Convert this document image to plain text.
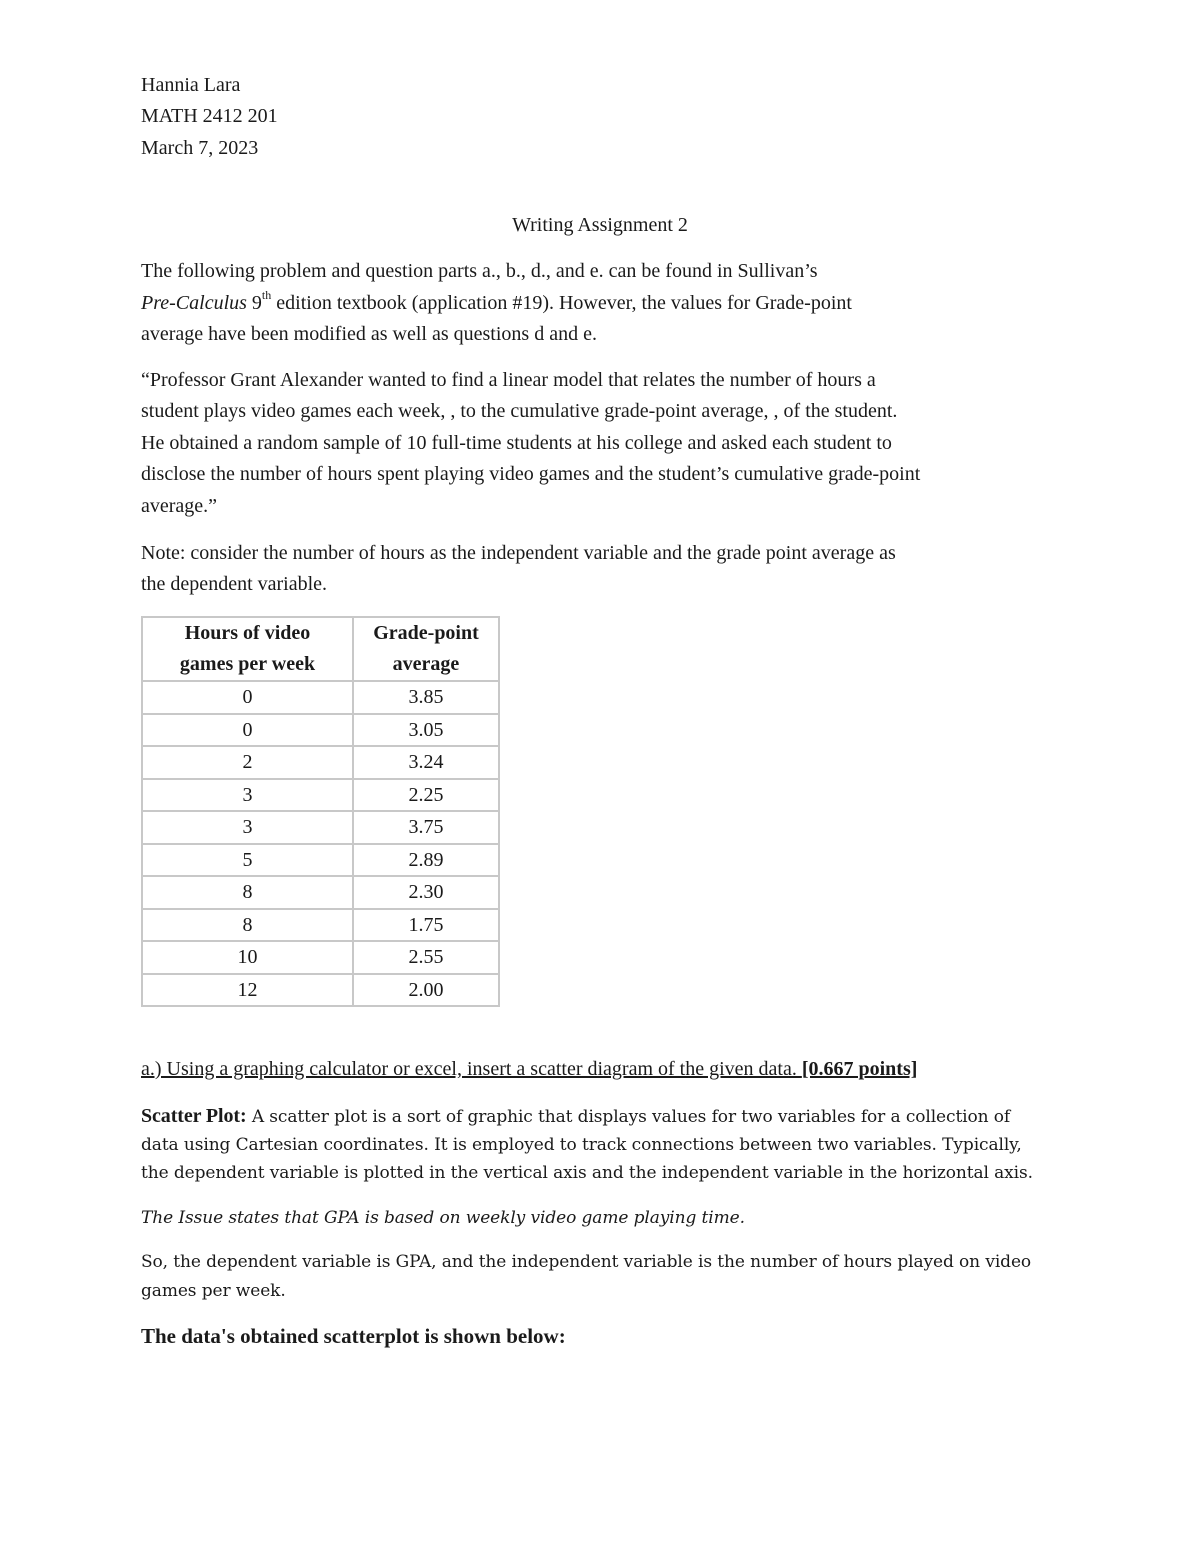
Hannia Lara

MATH 2412 201

March 7, 2023

Writing Assignment 2

The following problem and question parts a., b., d., and e. can be found in Sullivan’s

Pre-Calculus 9th edition textbook (application #19). However, the values for Grade-point

average have been modified as well as questions d and e.

“Professor Grant Alexander wanted to find a linear model that relates the number of hours a

student plays video games each week, , to the cumulative grade-point average, , of the student.

He obtained a random sample of 10 full-time students at his college and asked each student to

disclose the number of hours spent playing video games and the student’s cumulative grade-point

average.”

Note: consider the number of hours as the independent variable and the grade point average as

the dependent variable.

Hours of video
games per week	Grade-point
average
0	3.85
0	3.05
2	3.24
3	2.25
3	3.75
5	2.89
8	2.30
8	1.75
10	2.55
12	2.00

a.) Using a graphing calculator or excel, insert a scatter diagram of the given data. [0.667 points]

Scatter Plot: A scatter plot is a sort of graphic that displays values for two variables for a collection of

data using Cartesian coordinates. It is employed to track connections between two variables. Typically,

the dependent variable is plotted in the vertical axis and the independent variable in the horizontal axis.

The Issue states that GPA is based on weekly video game playing time.

So, the dependent variable is GPA, and the independent variable is the number of hours played on video

games per week.

The data's obtained scatterplot is shown below:
